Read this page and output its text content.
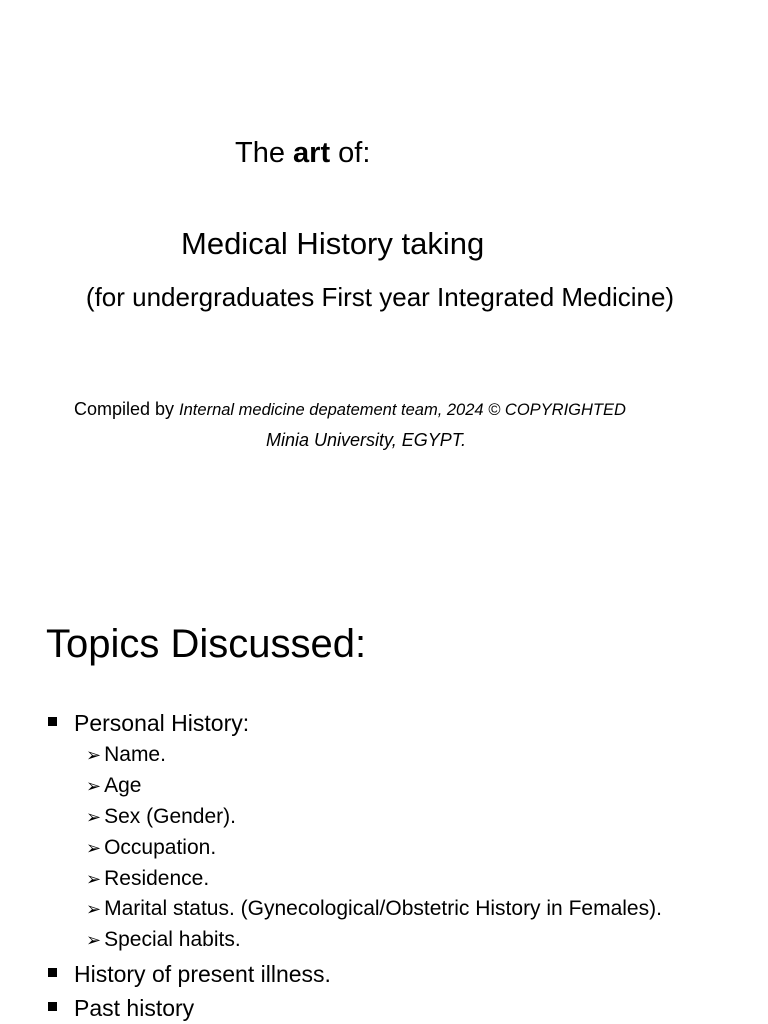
The art of:
Medical History taking
(for undergraduates First year Integrated Medicine)
Compiled by Internal medicine depatement team, 2024 © COPYRIGHTED
Minia University, EGYPT.
Topics Discussed:
Personal History:
➢ Name.
➢ Age
➢ Sex (Gender).
➢ Occupation.
➢ Residence.
➢ Marital status. (Gynecological/Obstetric History in Females).
➢ Special habits.
History of present illness.
Past history
